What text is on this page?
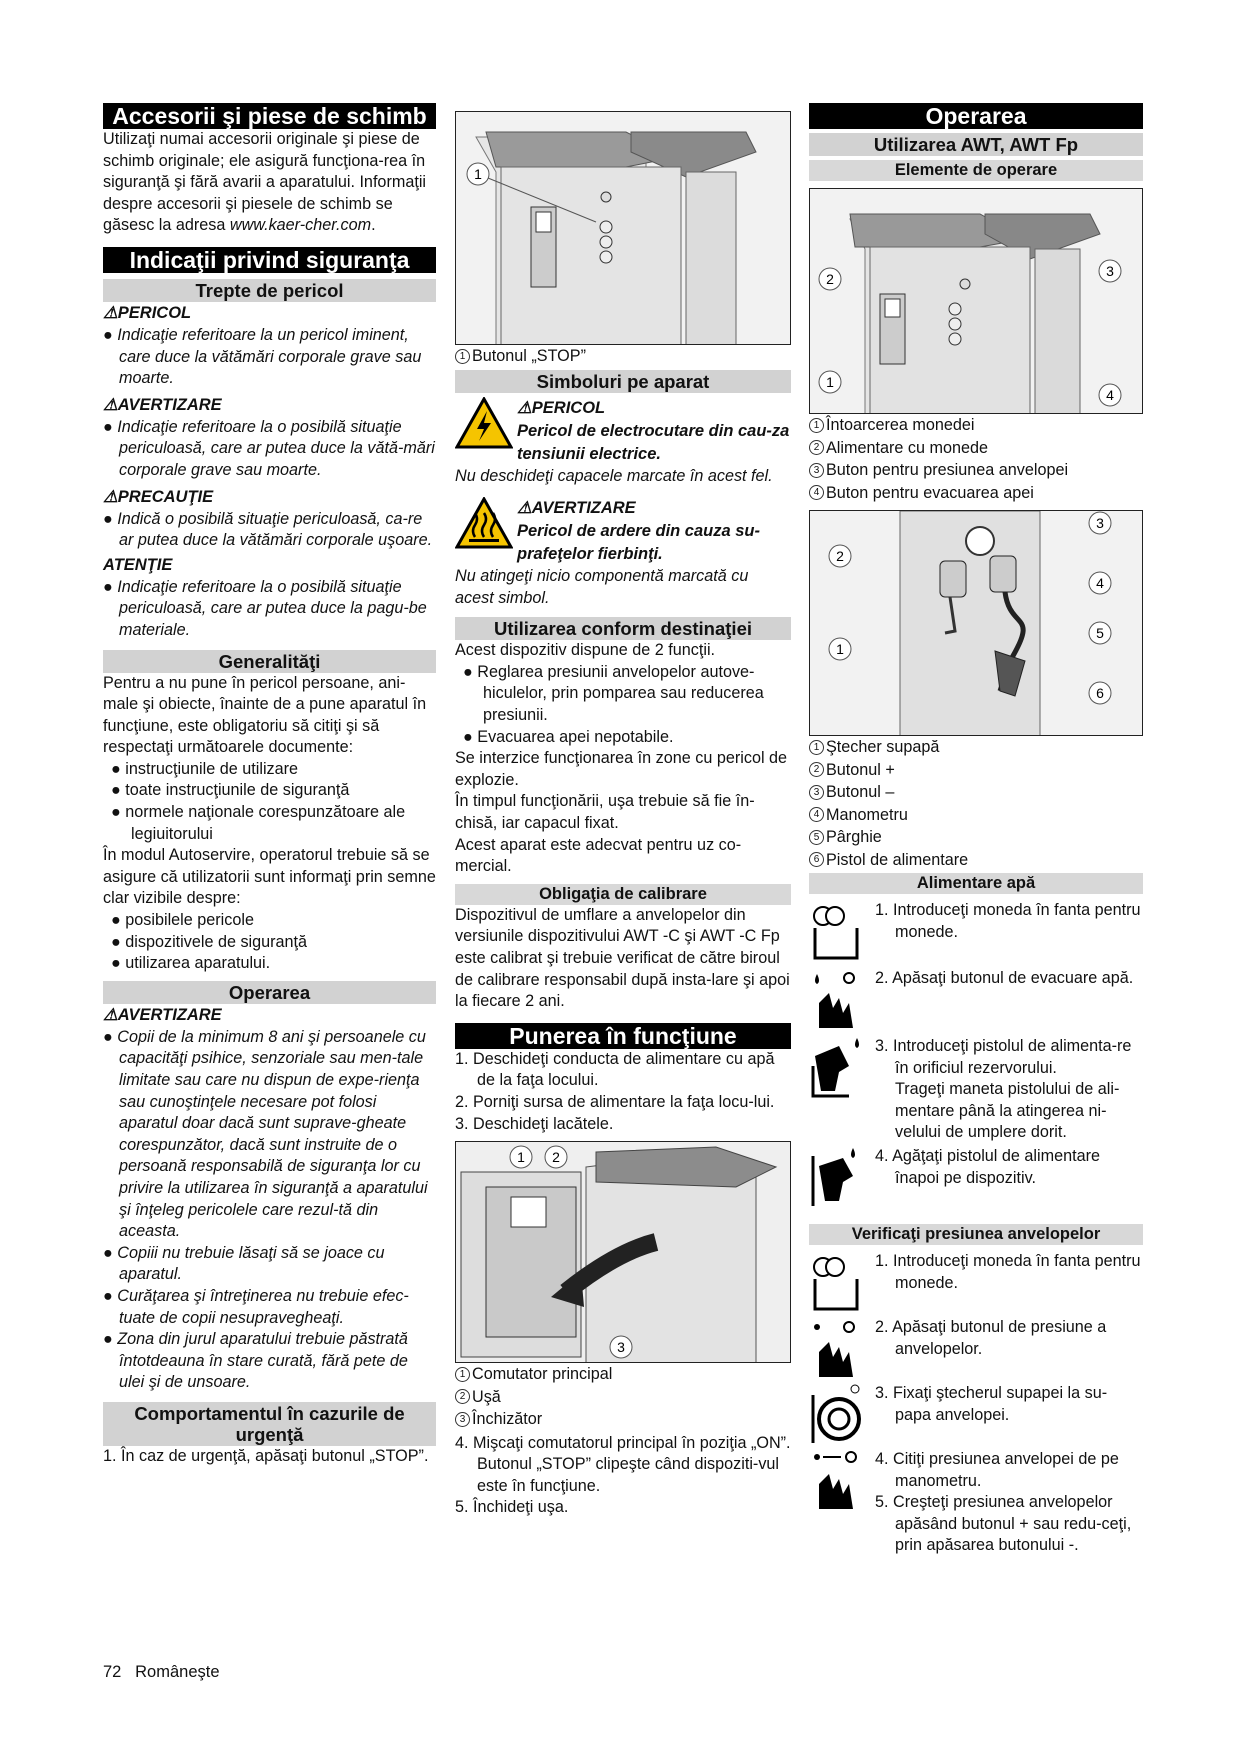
Accesorii şi piese de schimb

Utilizaţi numai accesorii originale şi piese de schimb originale; ele asigură funcţiona-rea în siguranţă şi fără avarii a aparatului. Informaţii despre accesorii şi piesele de schimb se găsesc la adresa www.kaer-cher.com.

Indicaţii privind siguranţa
Trepte de pericol
⚠PERICOL
● Indicaţie referitoare la un pericol iminent, care duce la vătămări corporale grave sau moarte.
⚠AVERTIZARE
● Indicaţie referitoare la o posibilă situaţie periculoasă, care ar putea duce la vătă-mări corporale grave sau moarte.
⚠PRECAUŢIE
● Indică o posibilă situaţie periculoasă, ca-re ar putea duce la vătămări corporale uşoare.
ATENŢIE
● Indicaţie referitoare la o posibilă situaţie periculoasă, care ar putea duce la pagu-be materiale.
Generalităţi

Pentru a nu pune în pericol persoane, ani-male şi obiecte, înainte de a pune aparatul în funcţiune, este obligatoriu să citiţi şi să respectaţi următoarele documente:

● instrucţiunile de utilizare
● toate instrucţiunile de siguranţă
● normele naţionale corespunzătoare ale legiuitorului

În modul Autoservire, operatorul trebuie să se asigure că utilizatorii sunt informaţi prin semne clar vizibile despre:

● posibilele pericole
● dispozitivele de siguranţă
● utilizarea aparatului.
Operarea
⚠AVERTIZARE
● Copii de la minimum 8 ani şi persoanele cu capacităţi psihice, senzoriale sau men-tale limitate sau care nu dispun de expe-rienţa sau cunoştinţele necesare pot folosi aparatul doar dacă sunt suprave-gheate corespunzător, dacă sunt instruite de o persoană responsabilă de siguranţa lor cu privire la utilizarea în siguranţă a aparatului şi înţeleg pericolele care rezul-tă din aceasta.
● Copiii nu trebuie lăsaţi să se joace cu aparatul.
● Curăţarea şi întreţinerea nu trebuie efec-tuate de copii nesupravegheaţi.
● Zona din jurul aparatului trebuie păstrată întotdeauna în stare curată, fără pete de ulei şi de unsoare.
Comportamentul în cazurile de urgenţă
1. În caz de urgenţă, apăsaţi butonul „STOP”.
1
1 Butonul „STOP”
Simboluri pe aparat
⚠PERICOL
Pericol de electrocutare din cau-za tensiunii electrice.

Nu deschideţi capacele marcate în acest fel.

⚠AVERTIZARE
Pericol de ardere din cauza su-prafeţelor fierbinţi.

Nu atingeţi nicio componentă marcată cu acest simbol.

Utilizarea conform destinaţiei

Acest dispozitiv dispune de 2 funcţii.

● Reglarea presiunii anvelopelor autove-hiculelor, prin pomparea sau reducerea presiunii.
● Evacuarea apei nepotabile.

Se interzice funcţionarea în zone cu pericol de explozie.

În timpul funcţionării, uşa trebuie să fie în-chisă, iar capacul fixat.

Acest aparat este adecvat pentru uz co-mercial.

Obligaţia de calibrare

Dispozitivul de umflare a anvelopelor din versiunile dispozitivului AWT -C şi AWT -C Fp este calibrat şi trebuie verificat de către biroul de calibrare responsabil după insta-lare şi apoi la fiecare 2 ani.

Punerea în funcţiune
1. Deschideţi conducta de alimentare cu apă de la faţa locului.
2. Porniţi sursa de alimentare la faţa locu-lui.
3. Deschideţi lacătele.
1 2
3
1 Comutator principal
2 Uşă
3 Închizător
4. Mişcaţi comutatorul principal în poziţia „ON”.
Butonul „STOP” clipeşte când dispoziti-vul este în funcţiune.
5. Închideţi uşa.
Operarea
Utilizarea AWT, AWT Fp
Elemente de operare
2	3
1
4
1 Întoarcerea monedei
2 Alimentare cu monede
3 Buton pentru presiunea anvelopei
4 Buton pentru evacuarea apei
2
3
4
5
1
6
1 Ştecher supapă
2 Butonul +
3 Butonul –
4 Manometru
5 Pârghie
6 Pistol de alimentare
Alimentare apă
1. Introduceţi moneda în fanta pentru monede.
2. Apăsaţi butonul de evacuare apă.
3. Introduceţi pistolul de alimenta-re în orificiul rezervorului.
Trageţi maneta pistolului de ali-mentare până la atingerea ni-velului de umplere dorit.
4. Agăţaţi pistolul de alimentare înapoi pe dispozitiv.
Verificaţi presiunea anvelopelor
1. Introduceţi moneda în fanta pentru monede.
2. Apăsaţi butonul de presiune a anvelopelor.
3. Fixaţi ştecherul supapei la su-papa anvelopei.
4. Citiţi presiunea anvelopei de pe manometru.
5. Creşteţi presiunea anvelopelor apăsând butonul + sau redu-ceţi, prin apăsarea butonului -.
72 Româneşte
